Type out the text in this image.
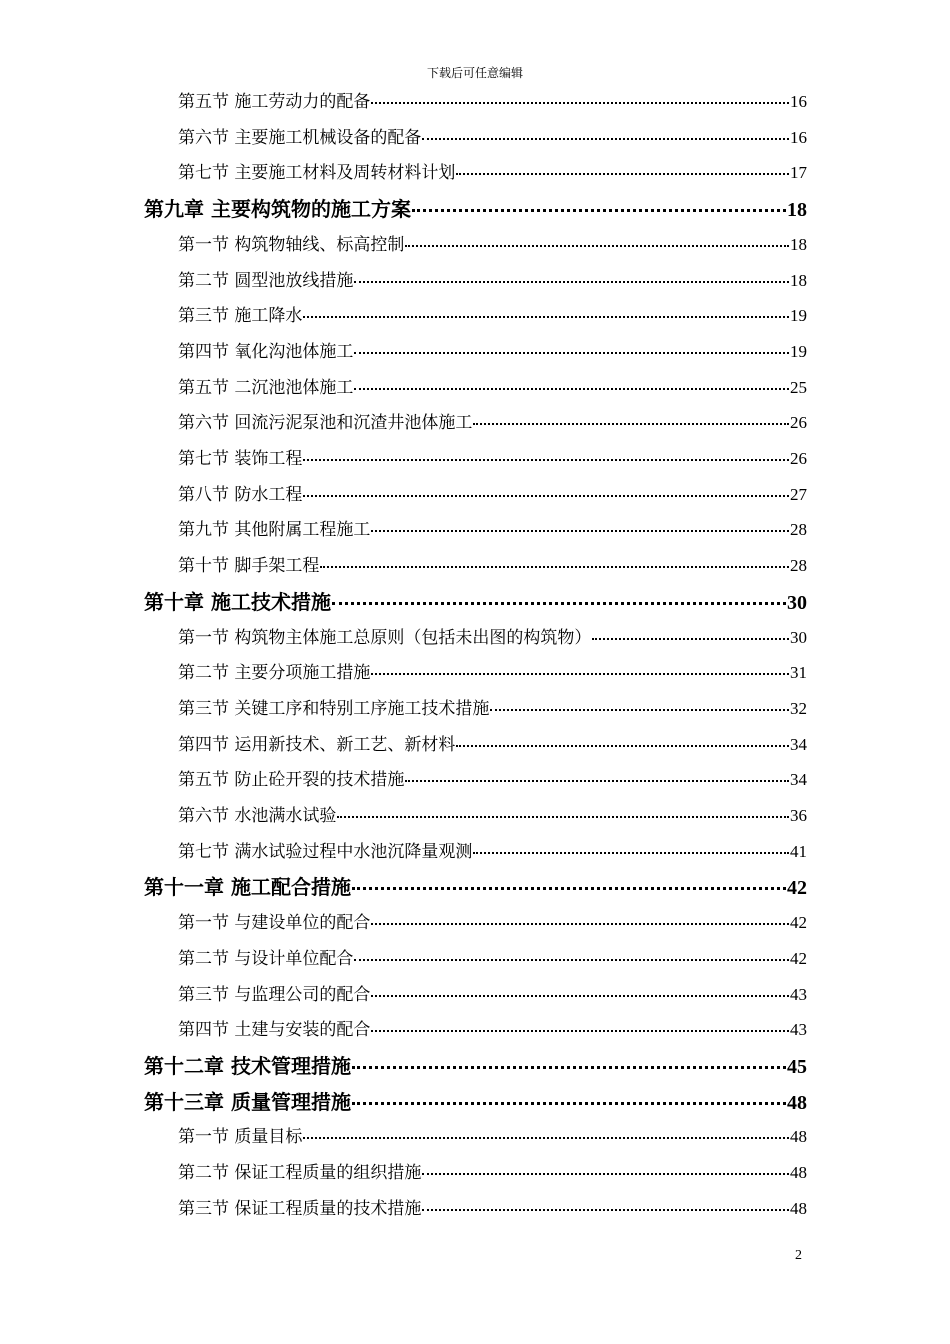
下载后可任意编辑
第五节 施工劳动力的配备	16
第六节 主要施工机械设备的配备	16
第七节 主要施工材料及周转材料计划	17
第九章 主要构筑物的施工方案	18
第一节 构筑物轴线、标高控制	18
第二节 圆型池放线措施	18
第三节 施工降水	19
第四节 氧化沟池体施工	19
第五节 二沉池池体施工	25
第六节 回流污泥泵池和沉渣井池体施工	26
第七节 装饰工程	26
第八节 防水工程	27
第九节 其他附属工程施工	28
第十节 脚手架工程	28
第十章 施工技术措施	30
第一节 构筑物主体施工总原则（包括未出图的构筑物）	30
第二节 主要分项施工措施	31
第三节 关键工序和特别工序施工技术措施	32
第四节 运用新技术、新工艺、新材料	34
第五节 防止砼开裂的技术措施	34
第六节 水池满水试验	36
第七节 满水试验过程中水池沉降量观测	41
第十一章 施工配合措施	42
第一节 与建设单位的配合	42
第二节 与设计单位配合	42
第三节 与监理公司的配合	43
第四节 土建与安装的配合	43
第十二章 技术管理措施	45
第十三章 质量管理措施	48
第一节 质量目标	48
第二节 保证工程质量的组织措施	48
第三节 保证工程质量的技术措施	48
2
